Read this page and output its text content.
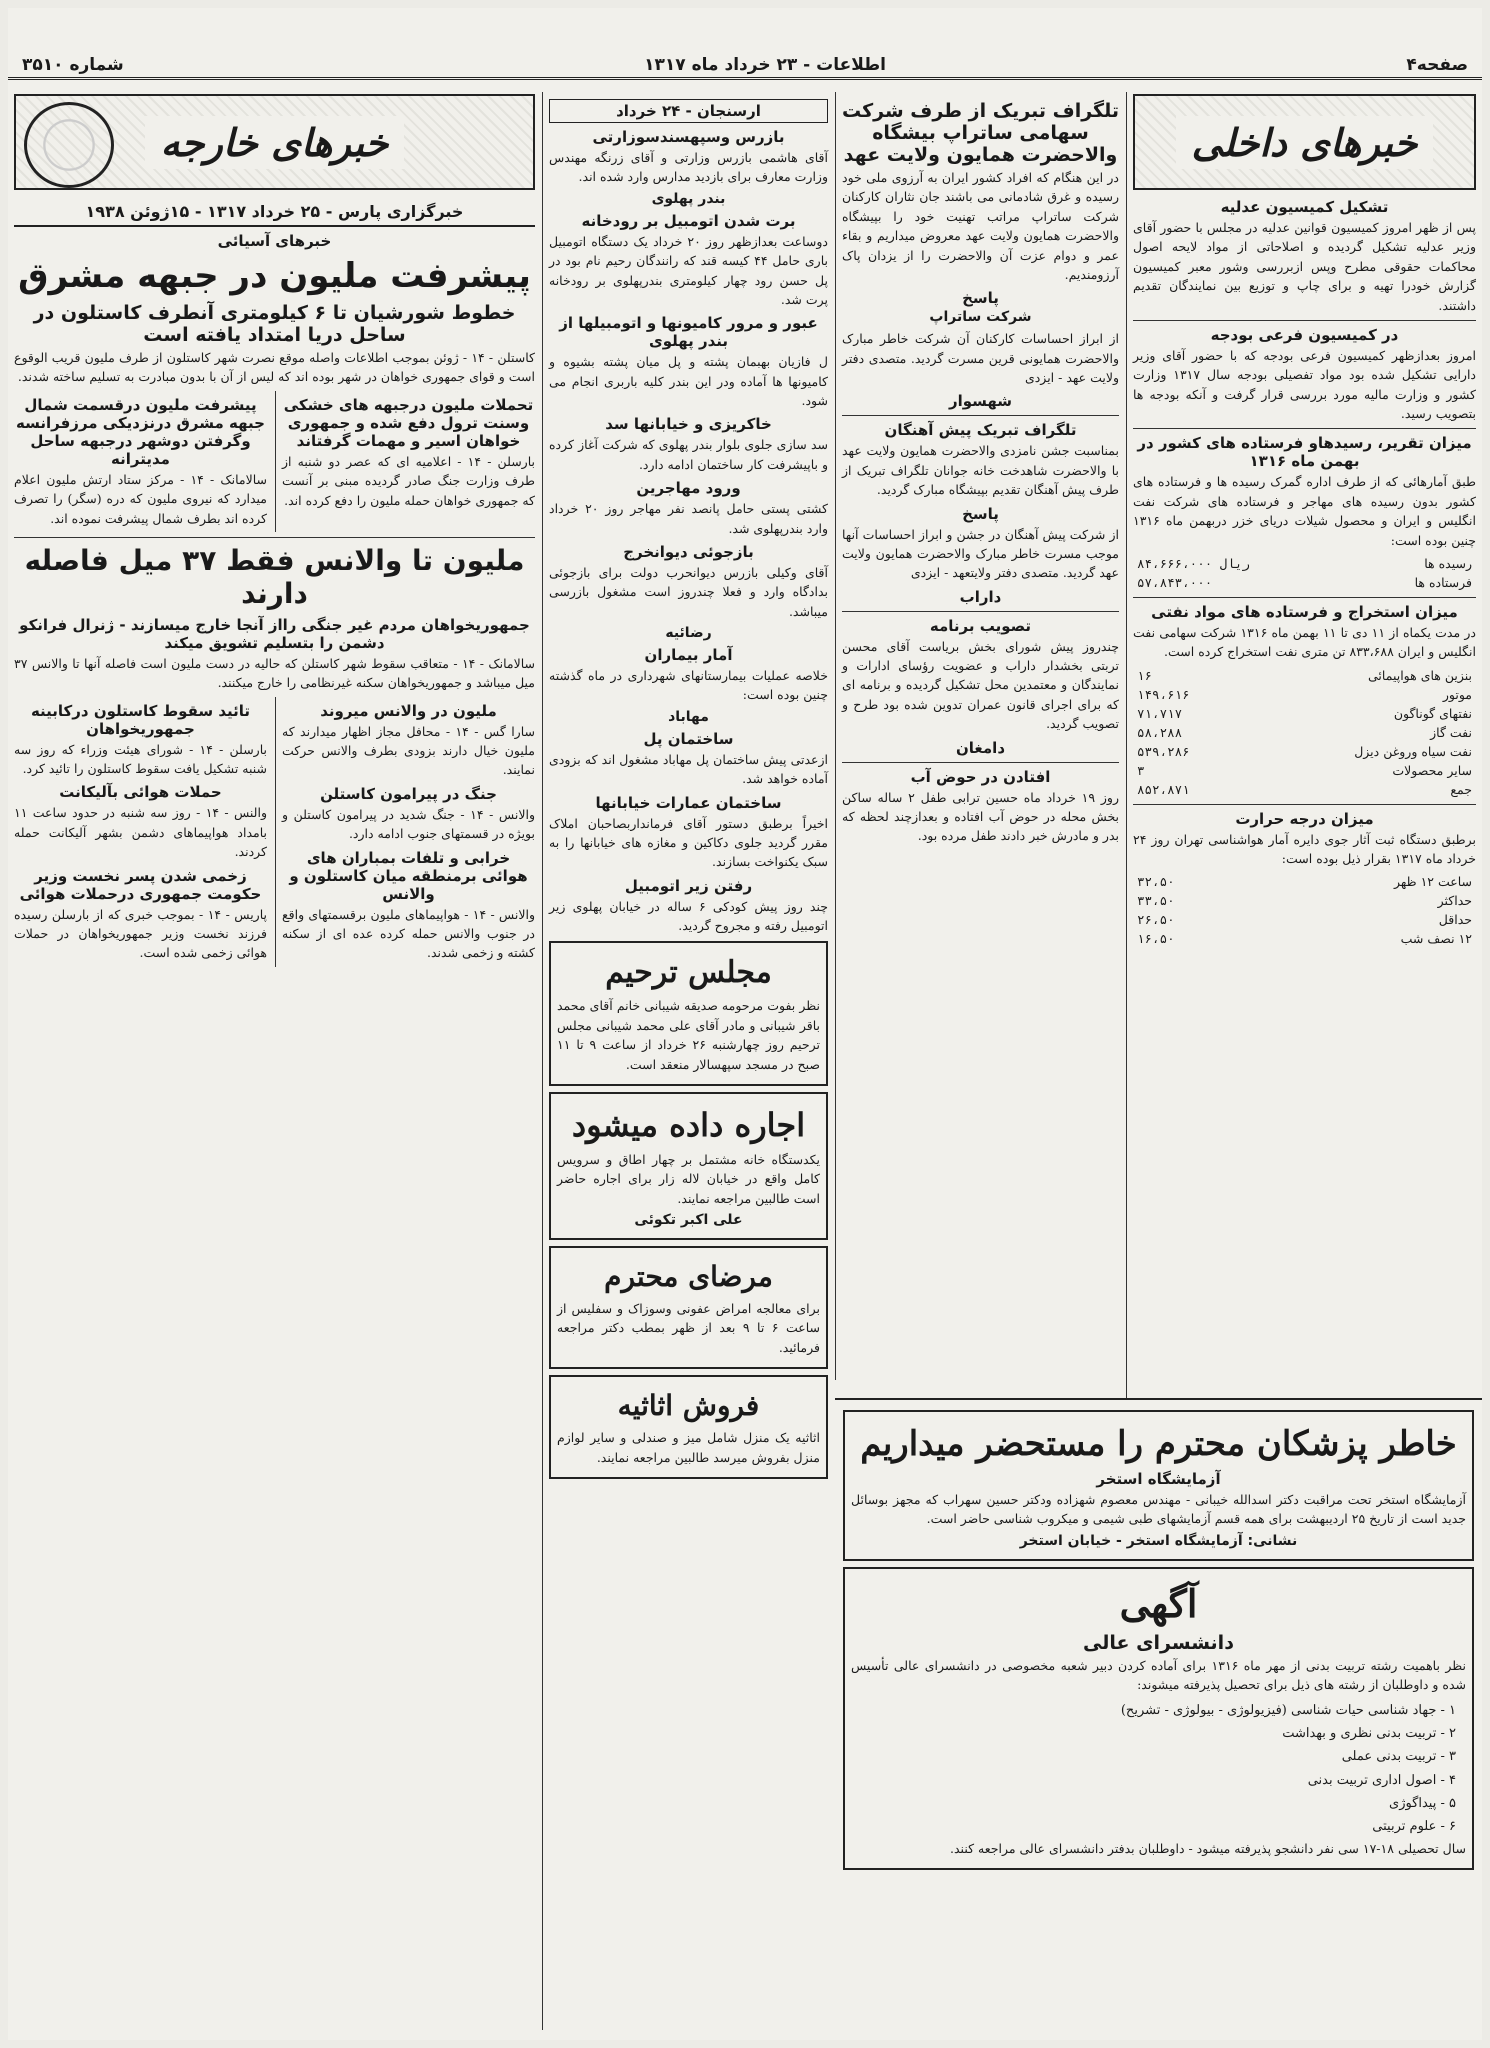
صفحه۴
اطلاعات - ۲۳ خرداد ماه ۱۳۱۷
شماره ۳۵۱۰
خبرهای داخلی
تشکیل کمیسیون عدلیه

پس از ظهر امروز کمیسیون قوانین عدلیه در مجلس با حضور آقای وزیر عدلیه تشکیل گردیده و اصلاحاتی از مواد لایحه اصول محاکمات حقوقی مطرح وپس ازبررسی وشور معبر کمیسیون گزارش خودرا تهیه و برای چاپ و توزیع بین نمایندگان تقدیم داشتند.

در کمیسیون فرعی بودجه

امروز بعدازظهر کمیسیون فرعی بودجه که با حضور آقای وزیر دارایی تشکیل شده بود مواد تفصیلی بودجه سال ۱۳۱۷ وزارت کشور و وزارت مالیه مورد بررسی قرار گرفت و آنکه بودجه ها بتصویب رسید.

میزان تقریر، رسیدهاو فرستاده های کشور در بهمن ماه ۱۳۱۶

طبق آمارهائی که از طرف اداره گمرک رسیده ها و فرستاده های کشور بدون رسیده های مهاجر و فرستاده های شرکت نفت انگلیس و ایران و محصول شیلات دریای خزر دربهمن ماه ۱۳۱۶ چنین بوده است:

رسیده ها	۸۴،۶۶۶،۰۰۰ ریال
فرستاده ها	۵۷،۸۴۳،۰۰۰
میزان استخراج و فرستاده های مواد نفتی

در مدت یکماه از ۱۱ دی تا ۱۱ بهمن ماه ۱۳۱۶ شرکت سهامی نفت انگلیس و ایران ۸۳۳،۶۸۸ تن متری نفت استخراج کرده است.

بنزین های هواپیمائی	۱۶
موتور	۱۴۹،۶۱۶
نفتهای گوناگون	۷۱،۷۱۷
نفت گاز	۵۸،۲۸۸
نفت سیاه وروغن دیزل	۵۳۹،۲۸۶
سایر محصولات	۳
جمع	۸۵۲،۸۷۱
میزان درجه حرارت

برطبق دستگاه ثبت آثار جوی دایره آمار هواشناسی تهران روز ۲۴ خرداد ماه ۱۳۱۷ بقرار ذیل بوده است:

ساعت ۱۲ ظهر	۳۲،۵۰
حداکثر	۳۳،۵۰
حداقل	۲۶،۵۰
۱۲ نصف شب	۱۶،۵۰
تلگراف تبریک از طرف شرکت سهامی ساتراپ بیشگاه والاحضرت همایون ولایت عهد

در این هنگام که افراد کشور ایران به آرزوی ملی خود رسیده و غرق شادمانی می باشند جان نثاران کارکنان شرکت ساتراپ مراتب تهنیت خود را بپیشگاه والاحضرت همایون ولایت عهد معروض میداریم و بقاء عمر و دوام عزت آن والاحضرت را از یزدان پاک آرزومندیم.

پاسخ
شرکت ساتراپ

از ابراز احساسات کارکنان آن شرکت خاطر مبارک والاحضرت همایونی قرین مسرت گردید. متصدی دفتر ولایت عهد - ایزدی

شهسوار
تلگراف تبریک پیش آهنگان

بمناسبت جشن نامزدی والاحضرت همایون ولایت عهد با والاحضرت شاهدخت خانه جوانان تلگراف تبریک از طرف پیش آهنگان تقدیم بپیشگاه مبارک گردید.

پاسخ

از شرکت پیش آهنگان در جشن و ابراز احساسات آنها موجب مسرت خاطر مبارک والاحضرت همایون ولایت عهد گردید. متصدی دفتر ولایتعهد - ایزدی

داراب
تصویب برنامه

چندروز پیش شورای بخش بریاست آقای محسن تربتی بخشدار داراب و عضویت رؤسای ادارات و نمایندگان و معتمدین محل تشکیل گردیده و برنامه ای که برای اجرای قانون عمران تدوین شده بود طرح و تصویب گردید.

دامغان
افتادن در حوض آب

روز ۱۹ خرداد ماه حسین ترابی طفل ۲ ساله ساکن بخش محله در حوض آب افتاده و بعدازچند لحظه که بدر و مادرش خبر دادند طفل مرده بود.

ارسنجان - ۲۴ خرداد
بازرس وسپهسندسوزارتی

آقای هاشمی بازرس وزارتی و آقای زرنگه مهندس وزارت معارف برای بازدید مدارس وارد شده اند.

بندر پهلوی
برت شدن اتومبیل بر رودخانه

دوساعت بعدازظهر روز ۲۰ خرداد یک دستگاه اتومبیل باری حامل ۴۴ کیسه قند که رانندگان رحیم نام بود در پل حسن رود چهار کیلومتری بندرپهلوی بر رودخانه پرت شد.

عبور و مرور کامیونها و اتومبیلها از بندر پهلوی

ل فازیان بهبمان پشته و پل میان پشته بشیوه و کامیونها ها آماده ودر این بندر کلیه باربری انجام می شود.

خاکریزی و خیابانها سد

سد سازی جلوی بلوار بندر پهلوی که شرکت آغاز کرده و باپیشرفت کار ساختمان ادامه دارد.

ورود مهاجرین

کشتی پستی حامل پانصد نفر مهاجر روز ۲۰ خرداد وارد بندرپهلوی شد.

بازجوئی دیوانخرج

آقای وکیلی بازرس دیوانحرب دولت برای بازجوئی بدادگاه وارد و فعلا چندروز است مشغول بازرسی میباشد.

رضائیه
آمار بیماران

خلاصه عملیات بیمارستانهای شهرداری در ماه گذشته چنین بوده است:

مهاباد
ساختمان پل

ازعدتی پیش ساختمان پل مهاباد مشغول اند که بزودی آماده خواهد شد.

ساختمان عمارات خیابانها

اخیراً برطبق دستور آقای فرمانداربصاحبان املاک مقرر گردید جلوی دکاکین و مغازه های خیابانها را به سبک یکنواخت بسازند.

رفتن زیر اتومبیل

چند روز پیش کودکی ۶ ساله در خیابان پهلوی زیر اتومبیل رفته و مجروح گردید.

مجلس ترحیم

نظر بفوت مرحومه صدیقه شیبانی خانم آقای محمد باقر شیبانی و مادر آقای علی محمد شیبانی مجلس ترحیم روز چهارشنبه ۲۶ خرداد از ساعت ۹ تا ۱۱ صبح در مسجد سپهسالار منعقد است.

اجاره داده میشود

یکدستگاه خانه مشتمل بر چهار اطاق و سرویس کامل واقع در خیابان لاله زار برای اجاره حاضر است طالبین مراجعه نمایند.

علی اکبر تکوئی
مرضای محترم

برای معالجه امراض عفونی وسوزاک و سفلیس از ساعت ۶ تا ۹ بعد از ظهر بمطب دکتر مراجعه فرمائید.

فروش اثاثیه

اثاثیه یک منزل شامل میز و صندلی و سایر لوازم منزل بفروش میرسد طالبین مراجعه نمایند.

خبرهای خارجه
خبرگزاری پارس - ۲۵ خرداد ۱۳۱۷ - ۱۵ژوئن ۱۹۳۸
خبرهای آسیائی
پیشرفت ملیون در جبهه مشرق
خطوط شورشیان تا ۶ کیلومتری آنطرف کاستلون در ساحل دریا امتداد یافته است

کاستلن - ۱۴ - ژوئن بموجب اطلاعات واصله موقع نصرت شهر کاستلون از طرف ملیون قریب الوقوع است و قوای جمهوری خواهان در شهر بوده اند که لیس از آن با بدون مبادرت به تسلیم ساخته شدند.

تحملات ملیون درجبهه های خشکی وسنت ترول دفع شده و جمهوری خواهان اسیر و مهمات گرفتاند

بارسلن - ۱۴ - اعلامیه ای که عصر دو شنبه از طرف وزارت جنگ صادر گردیده مبنی بر آنست که جمهوری خواهان حمله ملیون را دفع کرده اند.

پیشرفت ملیون درقسمت شمال جبهه مشرق درنزدیکی مرزفرانسه وگرفتن دوشهر درجبهه ساحل مدیترانه

سالامانک - ۱۴ - مرکز ستاد ارتش ملیون اعلام میدارد که نیروی ملیون که دره (سگر) را تصرف کرده اند بطرف شمال پیشرفت نموده اند.

ملیون تا والانس فقط ۳۷ میل فاصله دارند
جمهوریخواهان مردم غیر جنگی رااز آنجا خارج میسازند - ژنرال فرانکو دشمن را بتسلیم تشویق میکند

سالامانک - ۱۴ - متعاقب سقوط شهر کاستلن که حالیه در دست ملیون است فاصله آنها تا والانس ۳۷ میل میباشد و جمهوریخواهان سکنه غیرنظامی را خارج میکنند.

ملیون در والانس میروند

سارا گس - ۱۴ - محافل مجاز اظهار میدارند که ملیون خیال دارند بزودی بطرف والانس حرکت نمایند.

جنگ در پیرامون کاستلن

والانس - ۱۴ - جنگ شدید در پیرامون کاستلن و بویژه در قسمتهای جنوب ادامه دارد.

خرابی و تلفات بمباران های هوائی برمنطقه میان کاستلون و والانس

والانس - ۱۴ - هواپیماهای ملیون برقسمتهای واقع در جنوب والانس حمله کرده عده ای از سکنه کشته و زخمی شدند.

تائید سقوط کاستلون درکابینه جمهوریخواهان

بارسلن - ۱۴ - شورای هیئت وزراء که روز سه شنبه تشکیل یافت سقوط کاستلون را تائید کرد.

حملات هوائی بآلیکانت

والنس - ۱۴ - روز سه شنبه در حدود ساعت ۱۱ بامداد هواپیماهای دشمن بشهر آلیکانت حمله کردند.

زخمی شدن پسر نخست وزیر حکومت جمهوری درحملات هوائی

پاریس - ۱۴ - بموجب خبری که از بارسلن رسیده فرزند نخست وزیر جمهوریخواهان در حملات هوائی زخمی شده است.

خاطر پزشکان محترم را مستحضر میداریم
آزمایشگاه استخر

آزمایشگاه استخر تحت مراقبت دکتر اسدالله خیبانی - مهندس معصوم شهزاده ودکتر حسین سهراب که مجهز بوسائل جدید است از تاریخ ۲۵ اردیبهشت برای همه قسم آزمایشهای طبی شیمی و میکروب شناسی حاضر است.

نشانی: آزمایشگاه استخر - خیابان استخر
آگهی
دانشسرای عالی

نظر باهمیت رشته تربیت بدنی از مهر ماه ۱۳۱۶ برای آماده کردن دبیر شعبه مخصوصی در دانشسرای عالی تأسیس شده و داوطلبان از رشته های ذیل برای تحصیل پذیرفته میشوند:

۱ - جهاد شناسی حیات شناسی (فیزیولوژی - بیولوژی - تشریح)
۲ - تربیت بدنی نظری و بهداشت
۳ - تربیت بدنی عملی
۴ - اصول اداری تربیت بدنی
۵ - پیداگوژی
۶ - علوم تربیتی

سال تحصیلی ۱۸-۱۷ سی نفر دانشجو پذیرفته میشود - داوطلبان بدفتر دانشسرای عالی مراجعه کنند.
